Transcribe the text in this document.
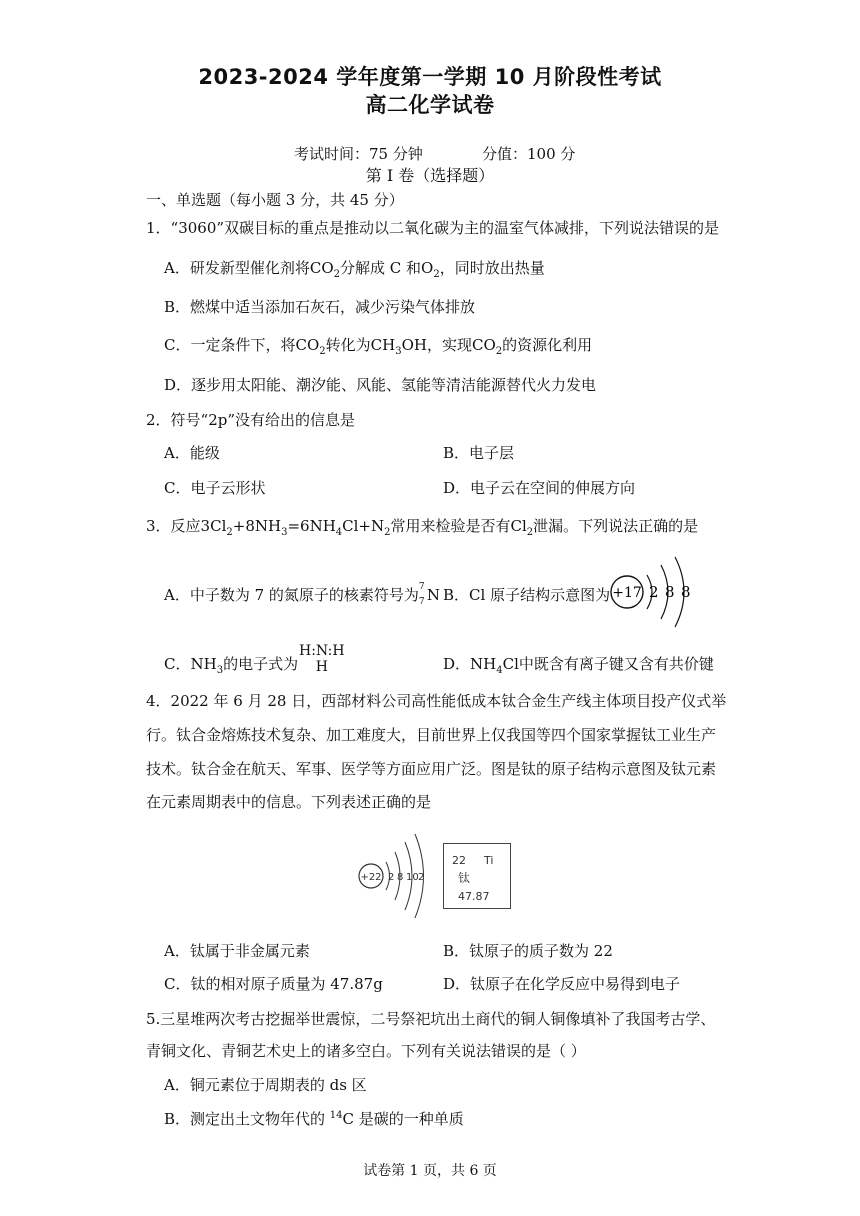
2023-2024 学年度第一学期 10 月阶段性考试
高二化学试卷
考试时间：75 分钟	分值：100 分
第 I 卷（选择题）
一、单选题（每小题 3 分，共 45 分）
1．“3060”双碳目标的重点是推动以二氧化碳为主的温室气体减排，下列说法错误的是
A．研发新型催化剂将$CO_2$分解成 C 和$O_2$，同时放出热量
B．燃煤中适当添加石灰石，减少污染气体排放
C．一定条件下，将$CO_2$转化为$CH_3OH$，实现$CO_2$的资源化利用
D．逐步用太阳能、潮汐能、风能、氢能等清洁能源替代火力发电
2．符号“2p”没有给出的信息是
A．能级	B．电子层
C．电子云形状	D．电子云在空间的伸展方向
3．反应$3Cl_2+8NH_3=6NH_4Cl+N_2$常用来检验是否有$Cl_2$泄漏。下列说法正确的是
A．中子数为 7 的氮原子的核素符号为 7
7 N B．Cl 原子结构示意图为 +17 2 8 8
C．$NH_3$的电子式为
H:N:H
H	D．$NH_4Cl$中既含有离子键又含有共价键
4．2022 年 6 月 28 日，西部材料公司高性能低成本钛合金生产线主体项目投产仪式举
行。钛合金熔炼技术复杂、加工难度大，目前世界上仅我国等四个国家掌握钛工业生产
技术。钛合金在航天、军事、医学等方面应用广泛。图是钛的原子结构示意图及钛元素
在元素周期表中的信息。下列表述正确的是
+22 2 8 10 2
22 Ti
钛
47.87
A．钛属于非金属元素	B．钛原子的质子数为 22
C．钛的相对原子质量为 47.87g	D．钛原子在化学反应中易得到电子
5.三星堆两次考古挖掘举世震惊，二号祭祀坑出土商代的铜人铜像填补了我国考古学、
青铜文化、青铜艺术史上的诸多空白。下列有关说法错误的是（ ）
A．铜元素位于周期表的 ds 区
B．测定出土文物年代的 $^{14}$C 是碳的一种单质
试卷第 1 页，共 6 页
